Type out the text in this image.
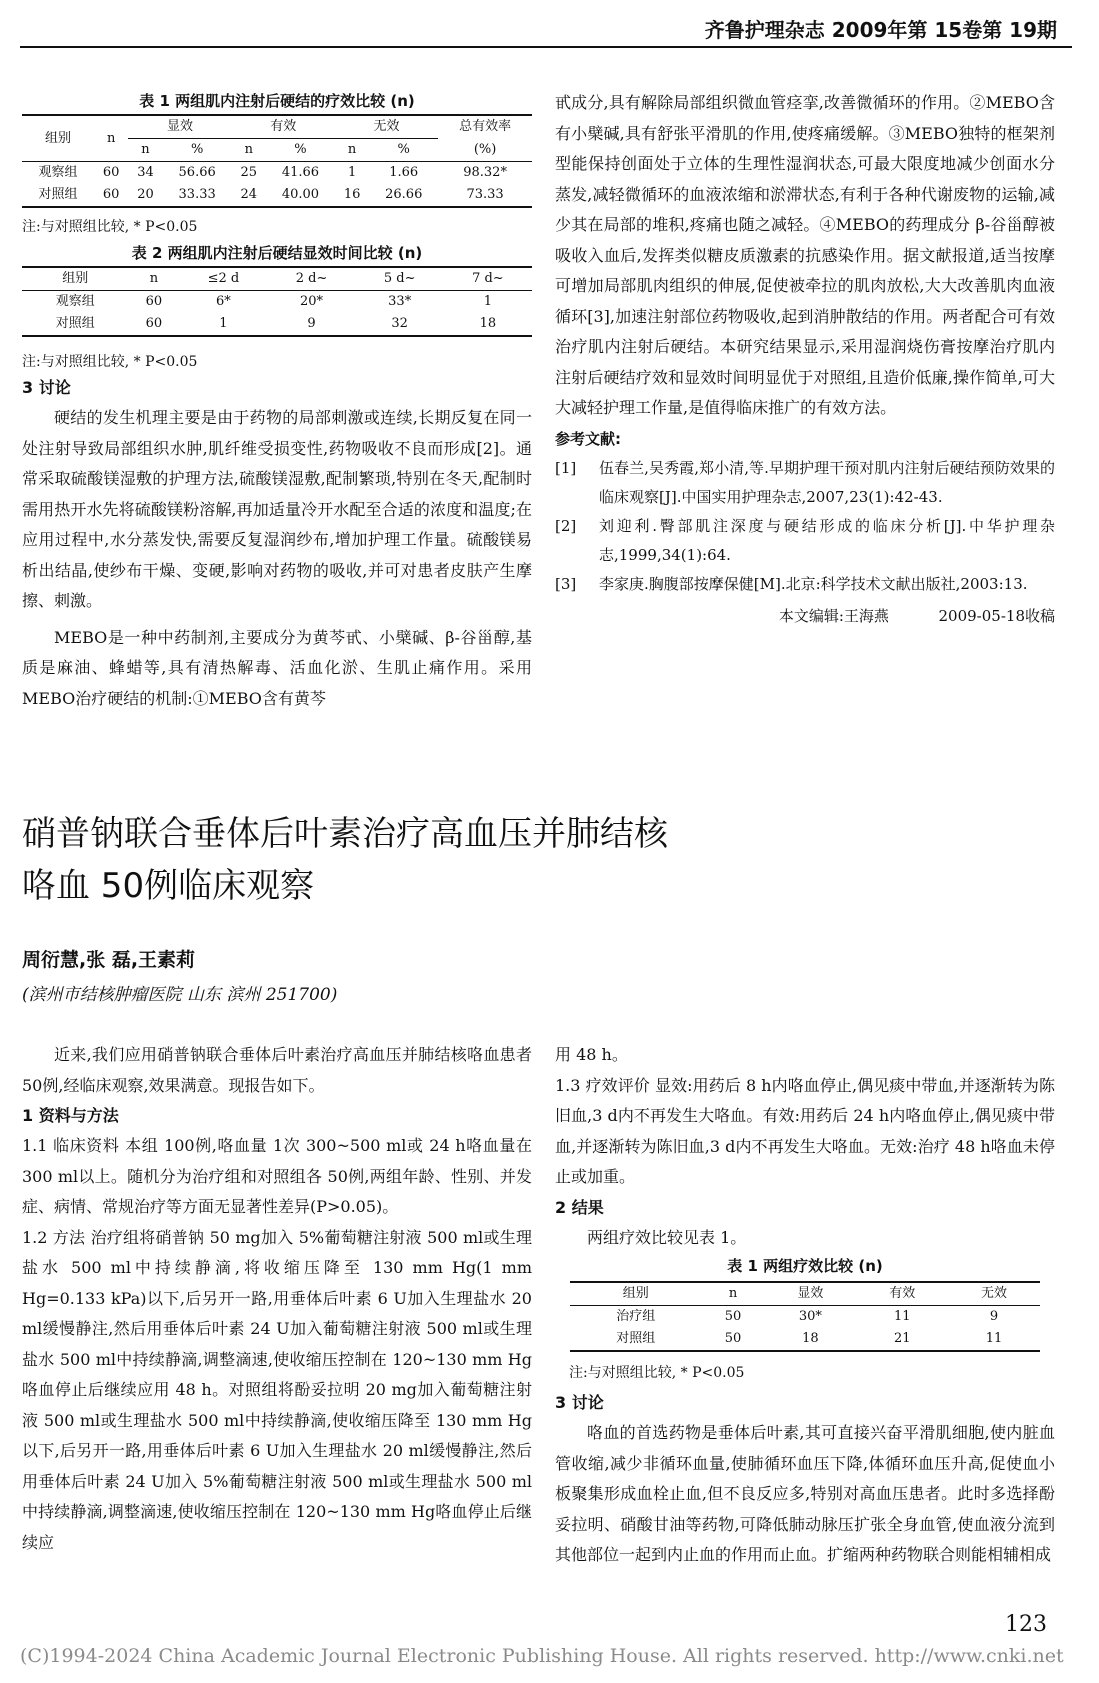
齐鲁护理杂志 2009年第 15卷第 19期
表 1 两组肌内注射后硬结的疗效比较 (n)
组别	n	显效		有效		无效		总有效率
		n	%	n	%	n	%	(%)
观察组	60	34	56.66	25	41.66	1	1.66	98.32*
对照组	60	20	33.33	24	40.00	16	26.66	73.33
注:与对照组比较, * P<0.05
表 2 两组肌内注射后硬结显效时间比较 (n)
组别	n	≤2 d	2 d~	5 d~	7 d~
观察组	60	6*	20*	33*	1
对照组	60	1	9	32	18
注:与对照组比较, * P<0.05

3 讨论

硬结的发生机理主要是由于药物的局部刺激或连续,长期反复在同一处注射导致局部组织水肿,肌纤维受损变性,药物吸收不良而形成[2]。通常采取硫酸镁湿敷的护理方法,硫酸镁湿敷,配制繁琐,特别在冬天,配制时需用热开水先将硫酸镁粉溶解,再加适量冷开水配至合适的浓度和温度;在应用过程中,水分蒸发快,需要反复湿润纱布,增加护理工作量。硫酸镁易析出结晶,使纱布干燥、变硬,影响对药物的吸收,并可对患者皮肤产生摩擦、刺激。

MEBO是一种中药制剂,主要成分为黄芩甙、小檗碱、β-谷甾醇,基质是麻油、蜂蜡等,具有清热解毒、活血化淤、生肌止痛作用。采用 MEBO治疗硬结的机制:①MEBO含有黄芩

甙成分,具有解除局部组织微血管痉挛,改善微循环的作用。②MEBO含有小檗碱,具有舒张平滑肌的作用,使疼痛缓解。③MEBO独特的框架剂型能保持创面处于立体的生理性湿润状态,可最大限度地减少创面水分蒸发,减轻微循环的血液浓缩和淤滞状态,有利于各种代谢废物的运输,减少其在局部的堆积,疼痛也随之减轻。④MEBO的药理成分 β-谷甾醇被吸收入血后,发挥类似糖皮质激素的抗感染作用。据文献报道,适当按摩可增加局部肌肉组织的伸展,促使被牵拉的肌肉放松,大大改善肌肉血液循环[3],加速注射部位药物吸收,起到消肿散结的作用。两者配合可有效治疗肌内注射后硬结。本研究结果显示,采用湿润烧伤膏按摩治疗肌内注射后硬结疗效和显效时间明显优于对照组,且造价低廉,操作简单,可大大减轻护理工作量,是值得临床推广的有效方法。

参考文献:

[1]	伍春兰,吴秀霞,郑小清,等.早期护理干预对肌内注射后硬结预防效果的临床观察[J].中国实用护理杂志,2007,23(1):42-43.
[2]	刘迎利.臀部肌注深度与硬结形成的临床分析[J].中华护理杂志,1999,34(1):64.
[3]	李家庚.胸腹部按摩保健[M].北京:科学技术文献出版社,2003:13.
本文编辑:王海燕	2009-05-18收稿
硝普钠联合垂体后叶素治疗高血压并肺结核
咯血 50例临床观察
周衍慧,张 磊,王素莉
(滨州市结核肿瘤医院 山东 滨州 251700)

近来,我们应用硝普钠联合垂体后叶素治疗高血压并肺结核咯血患者 50例,经临床观察,效果满意。现报告如下。

1 资料与方法

1.1 临床资料 本组 100例,咯血量 1次 300~500 ml或 24 h咯血量在 300 ml以上。随机分为治疗组和对照组各 50例,两组年龄、性别、并发症、病情、常规治疗等方面无显著性差异(P>0.05)。

1.2 方法 治疗组将硝普钠 50 mg加入 5%葡萄糖注射液 500 ml或生理盐水 500 ml中持续静滴,将收缩压降至 130 mm Hg(1 mm Hg=0.133 kPa)以下,后另开一路,用垂体后叶素 6 U加入生理盐水 20 ml缓慢静注,然后用垂体后叶素 24 U加入葡萄糖注射液 500 ml或生理盐水 500 ml中持续静滴,调整滴速,使收缩压控制在 120~130 mm Hg咯血停止后继续应用 48 h。对照组将酚妥拉明 20 mg加入葡萄糖注射液 500 ml或生理盐水 500 ml中持续静滴,使收缩压降至 130 mm Hg以下,后另开一路,用垂体后叶素 6 U加入生理盐水 20 ml缓慢静注,然后用垂体后叶素 24 U加入 5%葡萄糖注射液 500 ml或生理盐水 500 ml中持续静滴,调整滴速,使收缩压控制在 120~130 mm Hg咯血停止后继续应

用 48 h。

1.3 疗效评价 显效:用药后 8 h内咯血停止,偶见痰中带血,并逐渐转为陈旧血,3 d内不再发生大咯血。有效:用药后 24 h内咯血停止,偶见痰中带血,并逐渐转为陈旧血,3 d内不再发生大咯血。无效:治疗 48 h咯血未停止或加重。

2 结果

两组疗效比较见表 1。

表 1 两组疗效比较 (n)
组别	n	显效	有效	无效
治疗组	50	30*	11	9
对照组	50	18	21	11
注:与对照组比较, * P<0.05

3 讨论

咯血的首选药物是垂体后叶素,其可直接兴奋平滑肌细胞,使内脏血管收缩,减少非循环血量,使肺循环血压下降,体循环血压升高,促使血小板聚集形成血栓止血,但不良反应多,特别对高血压患者。此时多选择酚妥拉明、硝酸甘油等药物,可降低肺动脉压扩张全身血管,使血液分流到其他部位一起到内止血的作用而止血。扩缩两种药物联合则能相辅相成

123
(C)1994-2024 China Academic Journal Electronic Publishing House. All rights reserved. http://www.cnki.net
